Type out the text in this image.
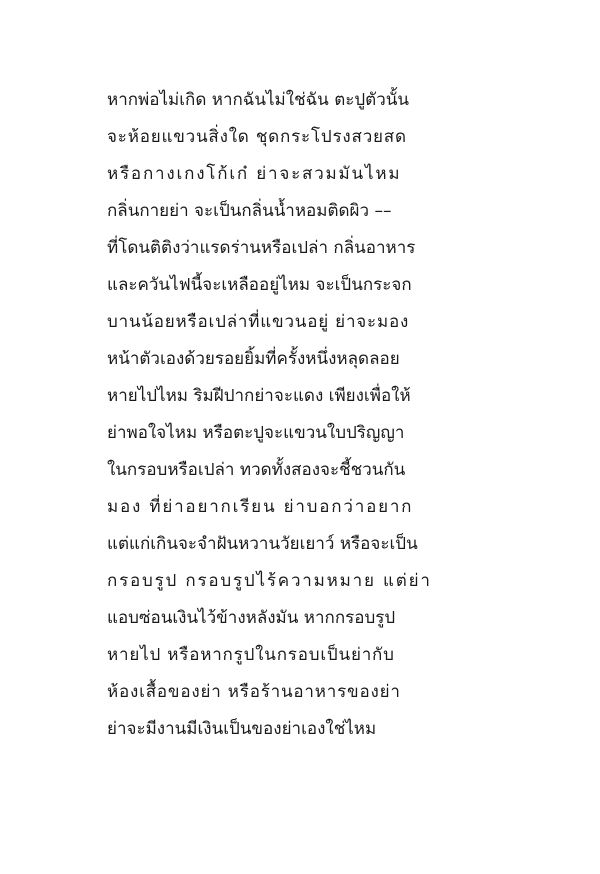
หากพ่อไม่เกิด หากฉันไม่ใช่ฉัน ตะปูตัวนั้น
จะห้อยแขวนสิ่งใด ชุดกระโปรงสวยสด
หรือกางเกงโก้เก๋ ย่าจะสวมมันไหม
กลิ่นกายย่า จะเป็นกลิ่นน้ำหอมติดผิว ––
ที่โดนติติงว่าแรดร่านหรือเปล่า กลิ่นอาหาร
และควันไฟนี้จะเหลืออยู่ไหม จะเป็นกระจก
บานน้อยหรือเปล่าที่แขวนอยู่ ย่าจะมอง
หน้าตัวเองด้วยรอยยิ้มที่ครั้งหนึ่งหลุดลอย
หายไปไหม ริมฝีปากย่าจะแดง เพียงเพื่อให้
ย่าพอใจไหม หรือตะปูจะแขวนใบปริญญา
ในกรอบหรือเปล่า ทวดทั้งสองจะชี้ชวนกัน
มอง ที่ย่าอยากเรียน ย่าบอกว่าอยาก
แต่แก่เกินจะจำฝันหวานวัยเยาว์ หรือจะเป็น
กรอบรูป กรอบรูปไร้ความหมาย แต่ย่า
แอบซ่อนเงินไว้ข้างหลังมัน หากกรอบรูป
หายไป หรือหากรูปในกรอบเป็นย่ากับ
ห้องเสื้อของย่า หรือร้านอาหารของย่า
ย่าจะมีงานมีเงินเป็นของย่าเองใช่ไหม
